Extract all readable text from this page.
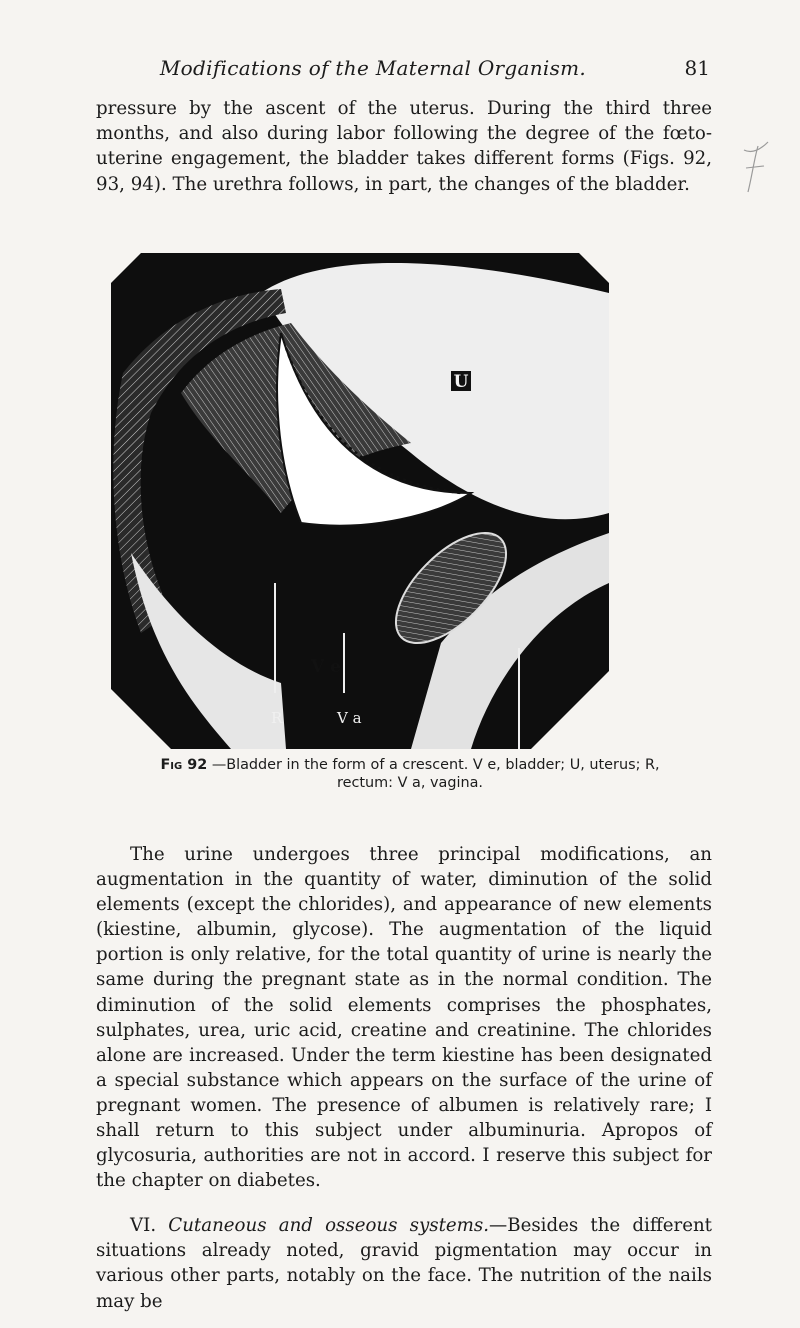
Modifications of the Maternal Organism.	81

pressure by the ascent of the uterus. During the third three months, and also during labor following the degree of the fœto-uterine engagement, the bladder takes different forms (Figs. 92, 93, 94). The urethra follows, in part, the changes of the bladder.

U
V e
R	V a
Fig 92 —Bladder in the form of a crescent. V e, bladder; U, uterus; R, rectum: V a, vagina.

The urine undergoes three principal modifications, an augmentation in the quantity of water, diminution of the solid elements (except the chlorides), and appearance of new elements (kiestine, albumin, glycose). The augmentation of the liquid portion is only relative, for the total quantity of urine is nearly the same during the pregnant state as in the normal condition. The diminution of the solid elements comprises the phosphates, sulphates, urea, uric acid, creatine and creatinine. The chlorides alone are increased. Under the term kiestine has been designated a special substance which appears on the surface of the urine of pregnant women. The presence of albumen is relatively rare; I shall return to this subject under albuminuria. Apropos of glycosuria, authorities are not in accord. I reserve this subject for the chapter on diabetes.

VI. Cutaneous and osseous systems.—Besides the different situations already noted, gravid pigmentation may occur in various other parts, notably on the face. The nutrition of the nails may be
